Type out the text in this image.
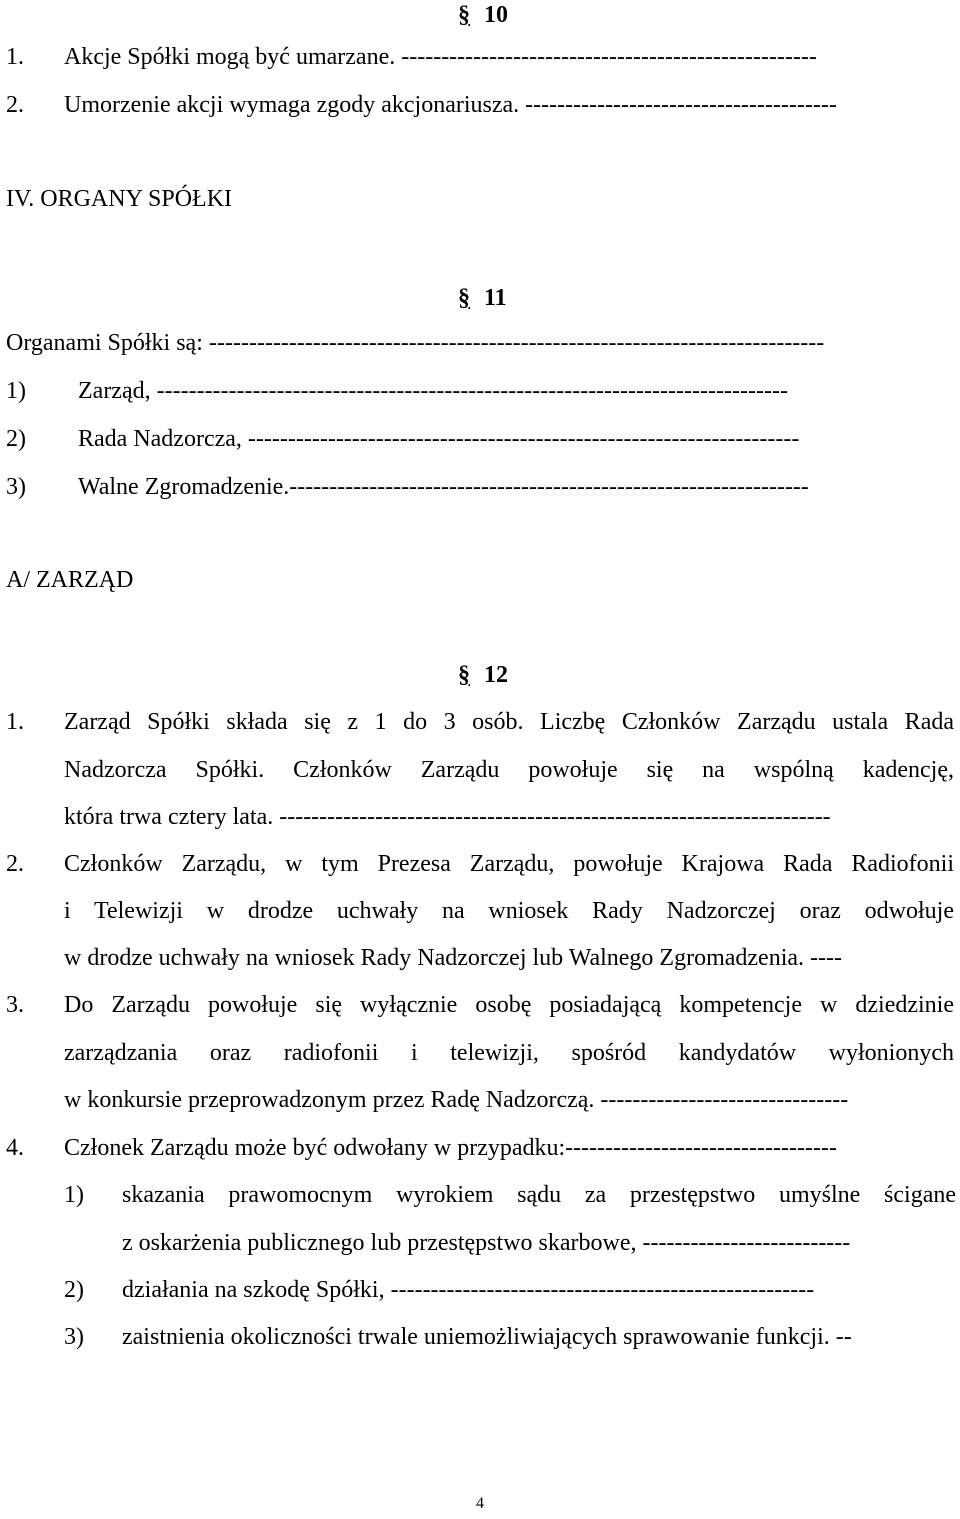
§ 10
1. Akcje Spółki mogą być umarzane. ----------------------------------------------------
2. Umorzenie akcji wymaga zgody akcjonariusza. ---------------------------------------
IV. ORGANY SPÓŁKI
§ 11
Organami Spółki są: -----------------------------------------------------------------------------
1) Zarząd, -------------------------------------------------------------------------------
2) Rada Nadzorcza, ---------------------------------------------------------------------
3) Walne Zgromadzenie.-----------------------------------------------------------------
A/ ZARZĄD
§ 12
1. Zarząd Spółki składa się z 1 do 3 osób. Liczbę Członków Zarządu ustala Rada
Nadzorcza Spółki. Członków Zarządu powołuje się na wspólną kadencję,
która trwa cztery lata. ---------------------------------------------------------------------
2. Członków Zarządu, w tym Prezesa Zarządu, powołuje Krajowa Rada Radiofonii
i Telewizji w drodze uchwały na wniosek Rady Nadzorczej oraz odwołuje
w drodze uchwały na wniosek Rady Nadzorczej lub Walnego Zgromadzenia. ----
3. Do Zarządu powołuje się wyłącznie osobę posiadającą kompetencje w dziedzinie
zarządzania oraz radiofonii i telewizji, spośród kandydatów wyłonionych
w konkursie przeprowadzonym przez Radę Nadzorczą. -------------------------------
4. Członek Zarządu może być odwołany w przypadku:----------------------------------
1) skazania prawomocnym wyrokiem sądu za przestępstwo umyślne ścigane
z oskarżenia publicznego lub przestępstwo skarbowe, --------------------------
2) działania na szkodę Spółki, -----------------------------------------------------
3) zaistnienia okoliczności trwale uniemożliwiających sprawowanie funkcji. --
4
